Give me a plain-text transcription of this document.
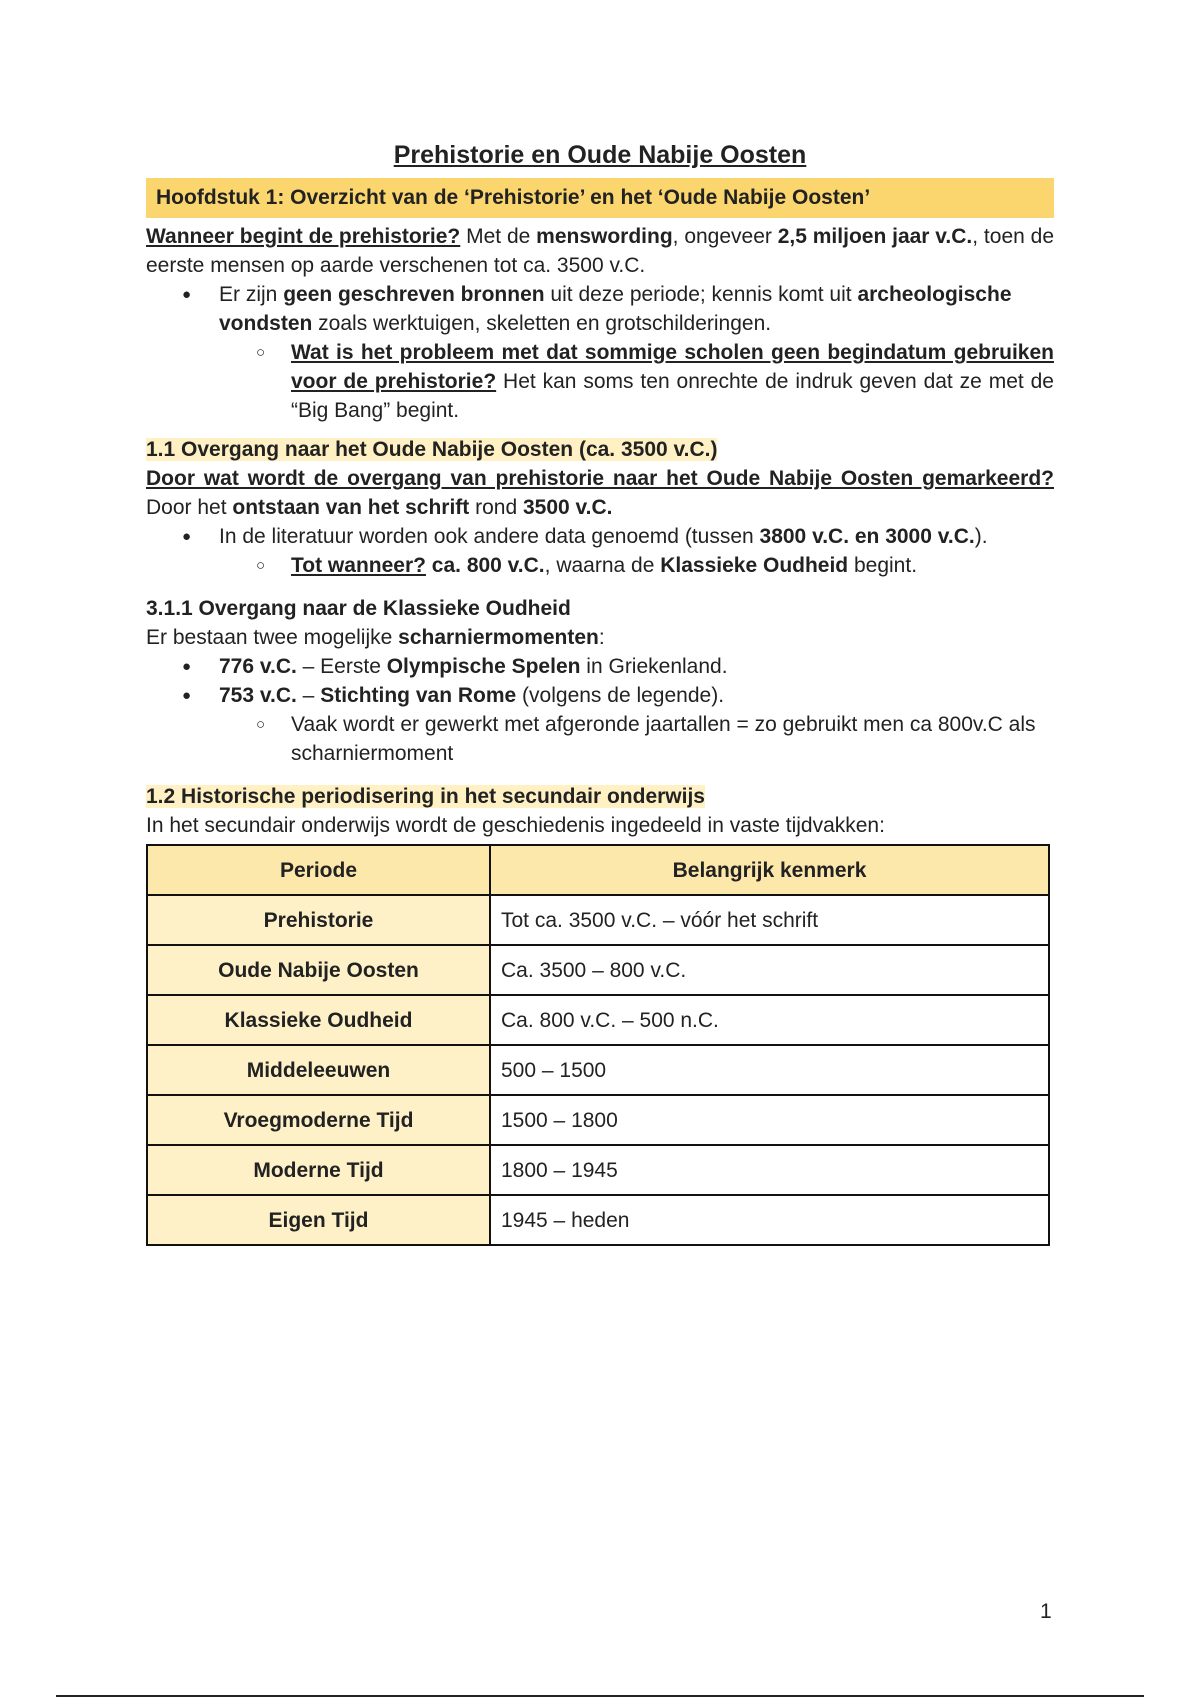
Prehistorie en Oude Nabije Oosten
Hoofdstuk 1: Overzicht van de ‘Prehistorie’ en het ‘Oude Nabije Oosten’

Wanneer begint de prehistorie? Met de menswording, ongeveer 2,5 miljoen jaar v.C., toen de eerste mensen op aarde verschenen tot ca. 3500 v.C.

● Er zijn geen geschreven bronnen uit deze periode; kennis komt uit archeologische vondsten zoals werktuigen, skeletten en grotschilderingen.
○ Wat is het probleem met dat sommige scholen geen begindatum gebruiken voor de prehistorie? Het kan soms ten onrechte de indruk geven dat ze met de “Big Bang” begint.
1.1 Overgang naar het Oude Nabije Oosten (ca. 3500 v.C.)

Door wat wordt de overgang van prehistorie naar het Oude Nabije Oosten gemarkeerd? Door het ontstaan van het schrift rond 3500 v.C.

● In de literatuur worden ook andere data genoemd (tussen 3800 v.C. en 3000 v.C.).
○ Tot wanneer? ca. 800 v.C., waarna de Klassieke Oudheid begint.
3.1.1 Overgang naar de Klassieke Oudheid

Er bestaan twee mogelijke scharniermomenten:

● 776 v.C. – Eerste Olympische Spelen in Griekenland.
● 753 v.C. – Stichting van Rome (volgens de legende).
○ Vaak wordt er gewerkt met afgeronde jaartallen = zo gebruikt men ca 800v.C als scharniermoment
1.2 Historische periodisering in het secundair onderwijs

In het secundair onderwijs wordt de geschiedenis ingedeeld in vaste tijdvakken:

Periode	Belangrijk kenmerk
Prehistorie	Tot ca. 3500 v.C. – vóór het schrift
Oude Nabije Oosten	Ca. 3500 – 800 v.C.
Klassieke Oudheid	Ca. 800 v.C. – 500 n.C.
Middeleeuwen	500 – 1500
Vroegmoderne Tijd	1500 – 1800
Moderne Tijd	1800 – 1945
Eigen Tijd	1945 – heden
1
